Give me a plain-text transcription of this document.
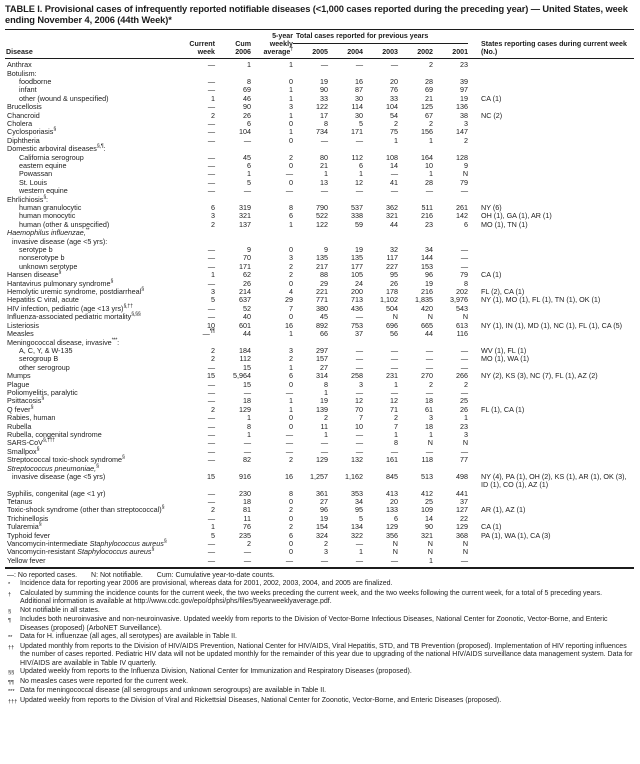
TABLE I. Provisional cases of infrequently reported notifiable diseases (<1,000 cases reported during the preceding year) — United States, week ending November 4, 2006 (44th Week)*
Disease	Current
week	Cum
2006	5-year
weekly
average†	Total cases reported for previous years					States reporting cases during current week (No.)
				2005	2004	2003	2002	2001	
Anthrax	—	1	1	—	—	—	2	23	
Botulism:									
foodborne	—	8	0	19	16	20	28	39	
infant	—	69	1	90	87	76	69	97	
other (wound & unspecified)	1	46	1	33	30	33	21	19	CA (1)
Brucellosis	—	90	3	122	114	104	125	136	
Chancroid	2	26	1	17	30	54	67	38	NC (2)
Cholera	—	6	0	8	5	2	2	3	
Cyclosporiasis§	—	104	1	734	171	75	156	147	
Diphtheria	—	—	0	—	—	1	1	2	
Domestic arboviral diseases§,¶:									
California serogroup	—	45	2	80	112	108	164	128	
eastern equine	—	6	0	21	6	14	10	9	
Powassan	—	1	—	1	1	—	1	N	
St. Louis	—	5	0	13	12	41	28	79	
western equine	—	—	—	—	—	—	—	—	
Ehrlichiosis§:									
human granulocytic	6	319	8	790	537	362	511	261	NY (6)
human monocytic	3	321	6	522	338	321	216	142	OH (1), GA (1), AR (1)
human (other & unspecified)	2	137	1	122	59	44	23	6	MO (1), TN (1)
Haemophilus influenzae,**									
invasive disease (age <5 yrs):									
serotype b	—	9	0	9	19	32	34	—	
nonserotype b	—	70	3	135	135	117	144	—	
unknown serotype	—	171	2	217	177	227	153	—	
Hansen disease§	1	62	2	88	105	95	96	79	CA (1)
Hantavirus pulmonary syndrome§	—	26	0	29	24	26	19	8	
Hemolytic uremic syndrome, postdiarrheal§	3	214	4	221	200	178	216	202	FL (2), CA (1)
Hepatitis C viral, acute	5	637	29	771	713	1,102	1,835	3,976	NY (1), MO (1), FL (1), TN (1), OK (1)
HIV infection, pediatric (age <13 yrs)§,††	—	52	7	380	436	504	420	543	
Influenza-associated pediatric mortality§,§§	—	40	0	45	—	N	N	N	
Listeriosis	10	601	16	892	753	696	665	613	NY (1), IN (1), MD (1), NC (1), FL (1), CA (5)
Measles	—¶¶	44	1	66	37	56	44	116	
Meningococcal disease, invasive***:									
A, C, Y, & W-135	2	184	3	297	—	—	—	—	WV (1), FL (1)
serogroup B	2	112	2	157	—	—	—	—	MO (1), WA (1)
other serogroup	—	15	1	27	—	—	—	—	
Mumps	15	5,964	6	314	258	231	270	266	NY (2), KS (3), NC (7), FL (1), AZ (2)
Plague	—	15	0	8	3	1	2	2	
Poliomyelitis, paralytic	—	—	—	1	—	—	—	—	
Psittacosis§	—	18	1	19	12	12	18	25	
Q fever§	2	129	1	139	70	71	61	26	FL (1), CA (1)
Rabies, human	—	1	0	2	7	2	3	1	
Rubella	—	8	0	11	10	7	18	23	
Rubella, congenital syndrome	—	1	—	1	—	1	1	3	
SARS-CoV§,†††	—	—	—	—	—	8	N	N	
Smallpox§	—	—	—	—	—	—	—	—	
Streptococcal toxic-shock syndrome§	—	82	2	129	132	161	118	77	
Streptococcus pneumoniae,§									
invasive disease (age <5 yrs)	15	916	16	1,257	1,162	845	513	498	NY (4), PA (1), OH (2), KS (1), AR (1), OK (3), ID (1), CO (1), AZ (1)
Syphilis, congenital (age <1 yr)	—	230	8	361	353	413	412	441	
Tetanus	—	18	0	27	34	20	25	37	
Toxic-shock syndrome (other than streptococcal)§	2	81	2	96	95	133	109	127	AR (1), AZ (1)
Trichinellosis	—	11	0	19	5	6	14	22	
Tularemia§	1	76	2	154	134	129	90	129	CA (1)
Typhoid fever	5	235	6	324	322	356	321	368	PA (1), WA (1), CA (3)
Vancomycin-intermediate Staphylococcus aureus§	—	2	0	2	—	N	N	N	
Vancomycin-resistant Staphylococcus aureus§	—	—	0	3	1	N	N	N	
Yellow fever	—	—	—	—	—	—	1	—	
—: No reported cases. N: Not notifiable. Cum: Cumulative year-to-date counts.
*	Incidence data for reporting year 2006 are provisional, whereas data for 2001, 2002, 2003, 2004, and 2005 are finalized.
†	Calculated by summing the incidence counts for the current week, the two weeks preceding the current week, and the two weeks following the current week, for a total of 5 preceding years. Additional information is available at http://www.cdc.gov/epo/dphsi/phs/files/5yearweeklyaverage.pdf.
§	Not notifiable in all states.
¶	Includes both neuroinvasive and non-neuroinvasive. Updated weekly from reports to the Division of Vector-Borne Infectious Diseases, National Center for Zoonotic, Vector-Borne, and Enteric Diseases (proposed) (ArboNET Surveillance).
**	Data for H. influenzae (all ages, all serotypes) are available in Table II.
†† Updated monthly from reports to the Division of HIV/AIDS Prevention, National Center for HIV/AIDS, Viral Hepatitis, STD, and TB Prevention (proposed). Implementation of HIV reporting influences the number of cases reported. Pediatric HIV data will not be updated monthly for the remainder of this year due to upgrading of the national HIV/AIDS surveillance data management system. Data for HIV/AIDS are available in Table IV quarterly.
§§ Updated weekly from reports to the Influenza Division, National Center for Immunization and Respiratory Diseases (proposed).
¶¶ No measles cases were reported for the current week.
*** Data for meningococcal disease (all serogroups and unknown serogroups) are available in Table II.
††† Updated weekly from reports to the Division of Viral and Rickettsial Diseases, National Center for Zoonotic, Vector-Borne, and Enteric Diseases (proposed).
